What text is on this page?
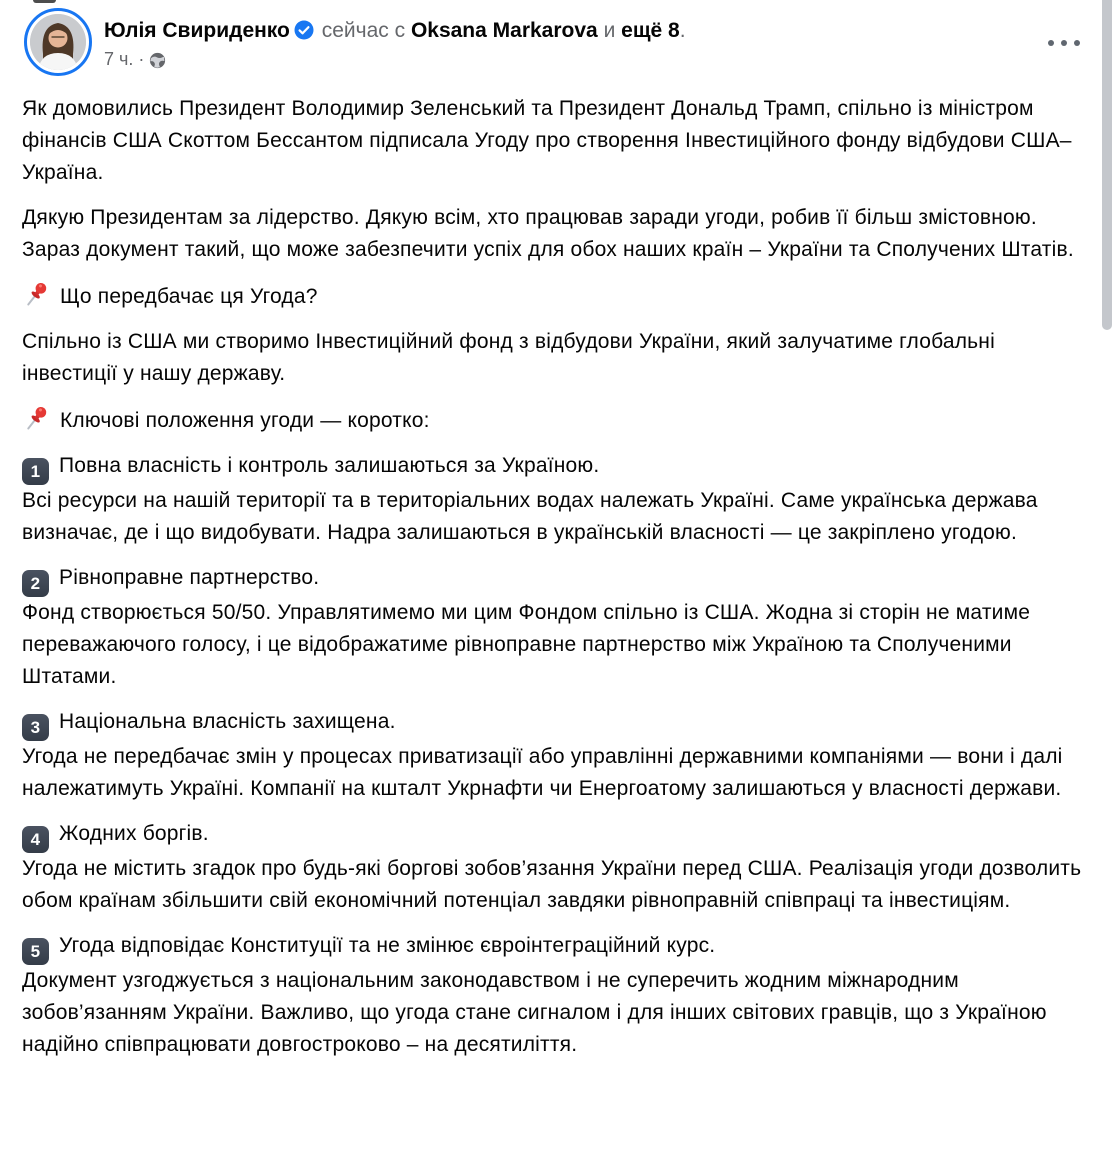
Юлія Свириденко сейчас с Oksana Markarova и ещё 8.
7 ч. ·

Як домовились Президент Володимир Зеленський та Президент Дональд Трамп, спільно із міністром фінансів США Скоттом Бессантом підписала Угоду про створення Інвестиційного фонду відбудови США–Україна.

Дякую Президентам за лідерство. Дякую всім, хто працював заради угоди, робив її більш змістовною. Зараз документ такий, що може забезпечити успіх для обох наших країн – України та Сполучених Штатів.

Що передбачає ця Угода?

Спільно із США ми створимо Інвестиційний фонд з відбудови України, який залучатиме глобальні інвестиції у нашу державу.

Ключові положення угоди — коротко:

1 Повна власність і контроль залишаються за Україною.

Всі ресурси на нашій території та в територіальних водах належать Україні. Саме українська держава визначає, де і що видобувати. Надра залишаються в українській власності — це закріплено угодою.

2 Рівноправне партнерство.

Фонд створюється 50/50. Управлятимемо ми цим Фондом спільно із США. Жодна зі сторін не матиме переважаючого голосу, і це відображатиме рівноправне партнерство між Україною та Сполученими Штатами.

3 Національна власність захищена.

Угода не передбачає змін у процесах приватизації або управлінні державними компаніями — вони і далі належатимуть Україні. Компанії на кшталт Укрнафти чи Енергоатому залишаються у власності держави.

4 Жодних боргів.

Угода не містить згадок про будь-які боргові зобов’язання України перед США. Реалізація угоди дозволить обом країнам збільшити свій економічний потенціал завдяки рівноправній співпраці та інвестиціям.

5 Угода відповідає Конституції та не змінює євроінтеграційний курс.

Документ узгоджується з національним законодавством і не суперечить жодним міжнародним зобов’язанням України. Важливо, що угода стане сигналом і для інших світових гравців, що з Україною надійно співпрацювати довгостроково – на десятиліття.
